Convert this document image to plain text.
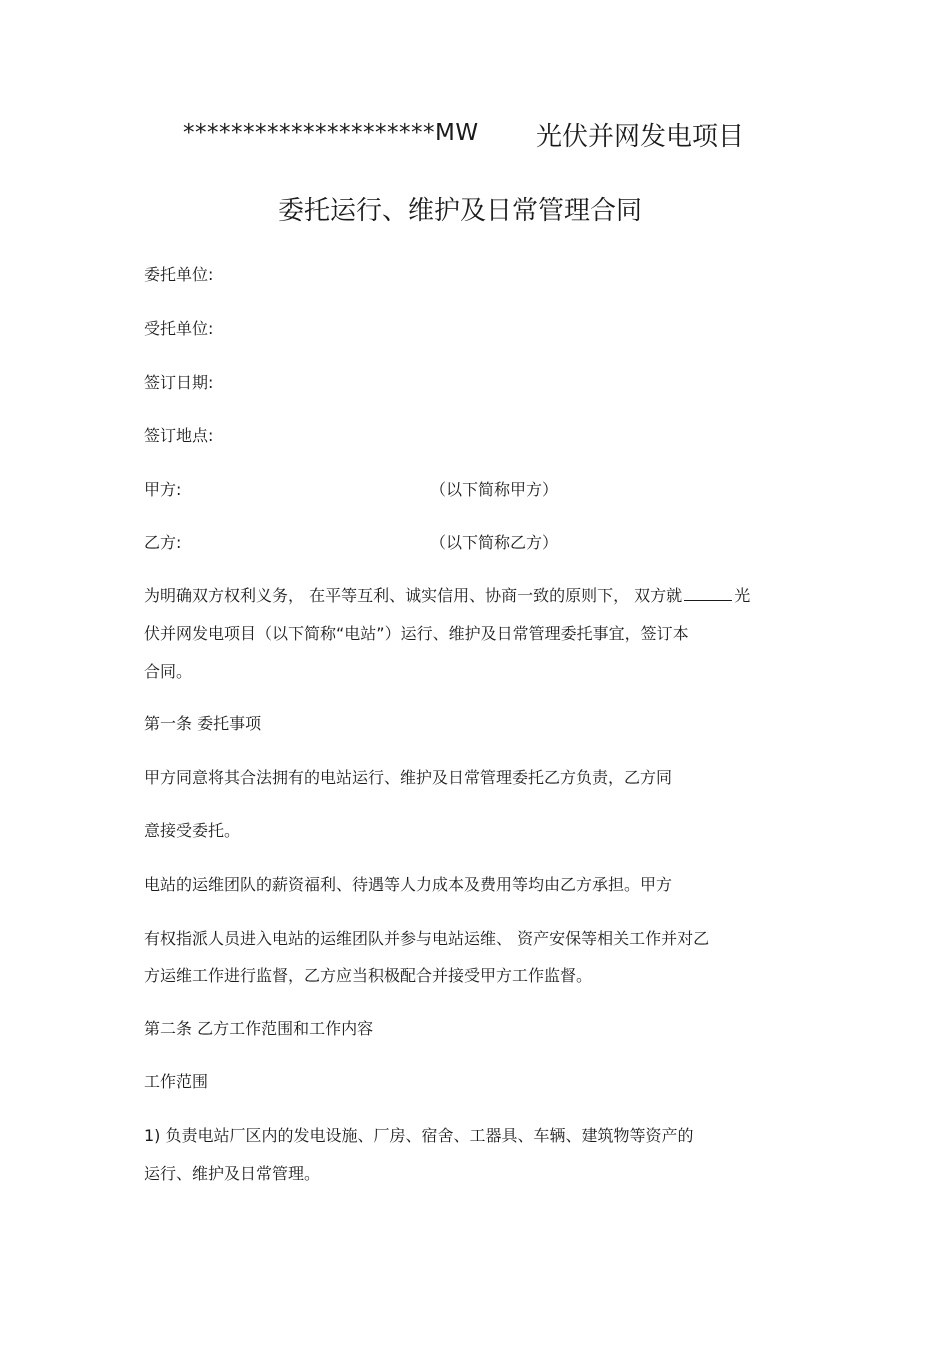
*********************MW 光伏并网发电项目
委托运行、维护及日常管理合同
委托单位:
受托单位:
签订日期:
签订地点:
甲方:	（以下简称甲方）
乙方:	（以下简称乙方）
为明确双方权利义务， 在平等互利、诚实信用、协商一致的原则下， 双方就	光
伏并网发电项目（以下简称“电站”）运行、维护及日常管理委托事宜，签订本
合同。
第一条 委托事项
甲方同意将其合法拥有的电站运行、维护及日常管理委托乙方负责，乙方同
意接受委托。
电站的运维团队的薪资福利、待遇等人力成本及费用等均由乙方承担。甲方
有权指派人员进入电站的运维团队并参与电站运维、 资产安保等相关工作并对乙
方运维工作进行监督，乙方应当积极配合并接受甲方工作监督。
第二条 乙方工作范围和工作内容
工作范围
1) 负责电站厂区内的发电设施、厂房、宿舍、工器具、车辆、建筑物等资产的
运行、维护及日常管理。
